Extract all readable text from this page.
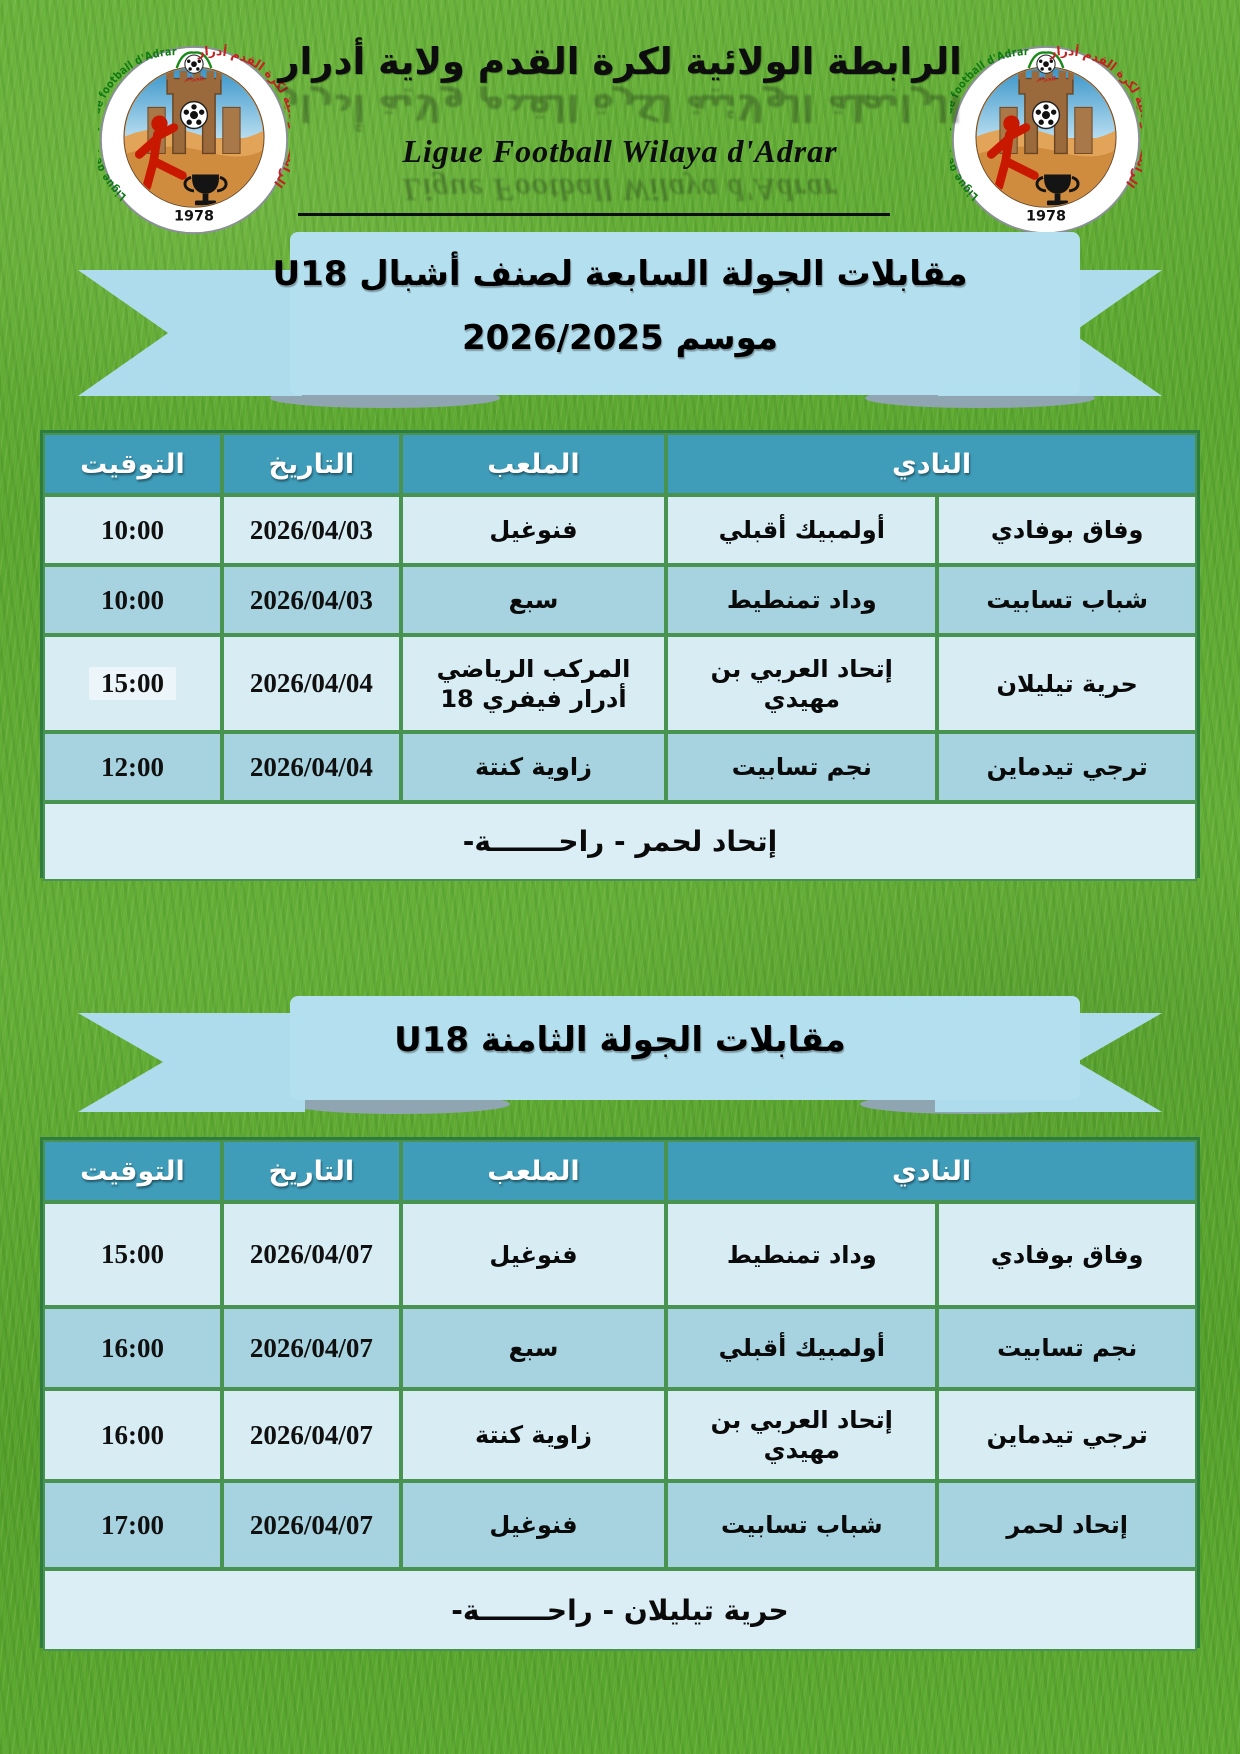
الرابطة الولائية لكرة القدم ولاية أدرار
الرابطة الولائية لكرة القدم ولاية أدرار
Ligue Football Wilaya d'Adrar
Ligue Football Wilaya d'Adrar
مقابلات الجولة السابعة لصنف أشبال U18
موسم 2026/2025
النادي
الملعب
التاريخ
التوقيت
وفاق بوفادي
أولمبيك أقبلي
فنوغيل
2026/04/03
10:00
شباب تسابيت
وداد تمنطيط
سبع
2026/04/03
10:00
حرية تيليلان
إتحاد العربي بن مهيدي
المركب الرياضي
أدرار فيفري 18
2026/04/04
15:00
ترجي تيدماين
نجم تسابيت
زاوية كنتة
2026/04/04
12:00
إتحاد لحمر - راحـــــــة-
مقابلات الجولة الثامنة U18
النادي
الملعب
التاريخ
التوقيت
وفاق بوفادي
وداد تمنطيط
فنوغيل
2026/04/07
15:00
نجم تسابيت
أولمبيك أقبلي
سبع
2026/04/07
16:00
ترجي تيدماين
إتحاد العربي بن مهيدي
زاوية كنتة
2026/04/07
16:00
إتحاد لحمر
شباب تسابيت
فنوغيل
2026/04/07
17:00
حرية تيليلان - راحـــــــة-
